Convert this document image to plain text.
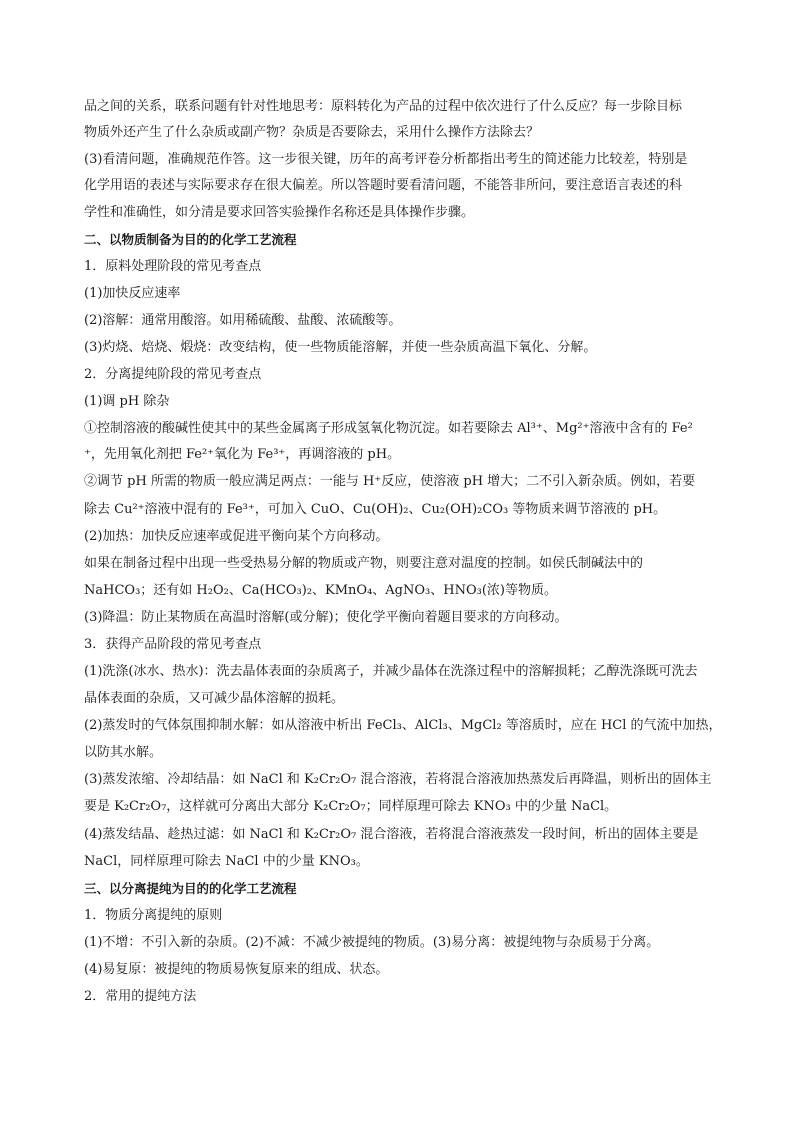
品之间的关系，联系问题有针对性地思考：原料转化为产品的过程中依次进行了什么反应？每一步除目标
物质外还产生了什么杂质或副产物？杂质是否要除去，采用什么操作方法除去？
(3)看清问题，准确规范作答。这一步很关键，历年的高考评卷分析都指出考生的简述能力比较差，特别是
化学用语的表述与实际要求存在很大偏差。所以答题时要看清问题，不能答非所问，要注意语言表述的科
学性和准确性，如分清是要求回答实验操作名称还是具体操作步骤。
二、以物质制备为目的的化学工艺流程
1．原料处理阶段的常见考查点
(1)加快反应速率
(2)溶解：通常用酸溶。如用稀硫酸、盐酸、浓硫酸等。
(3)灼烧、焙烧、煅烧：改变结构，使一些物质能溶解，并使一些杂质高温下氧化、分解。
2．分离提纯阶段的常见考查点
(1)调 pH 除杂
①控制溶液的酸碱性使其中的某些金属离子形成氢氧化物沉淀。如若要除去 Al³⁺、Mg²⁺溶液中含有的 Fe²
⁺，先用氧化剂把 Fe²⁺氧化为 Fe³⁺，再调溶液的 pH。
②调节 pH 所需的物质一般应满足两点：一能与 H⁺反应，使溶液 pH 增大；二不引入新杂质。例如，若要
除去 Cu²⁺溶液中混有的 Fe³⁺，可加入 CuO、Cu(OH)₂、Cu₂(OH)₂CO₃ 等物质来调节溶液的 pH。
(2)加热：加快反应速率或促进平衡向某个方向移动。
如果在制备过程中出现一些受热易分解的物质或产物，则要注意对温度的控制。如侯氏制碱法中的
NaHCO₃；还有如 H₂O₂、Ca(HCO₃)₂、KMnO₄、AgNO₃、HNO₃(浓)等物质。
(3)降温：防止某物质在高温时溶解(或分解)；使化学平衡向着题目要求的方向移动。
3．获得产品阶段的常见考查点
(1)洗涤(冰水、热水)：洗去晶体表面的杂质离子，并减少晶体在洗涤过程中的溶解损耗；乙醇洗涤既可洗去
晶体表面的杂质，又可减少晶体溶解的损耗。
(2)蒸发时的气体氛围抑制水解：如从溶液中析出 FeCl₃、AlCl₃、MgCl₂ 等溶质时，应在 HCl 的气流中加热，
以防其水解。
(3)蒸发浓缩、冷却结晶：如 NaCl 和 K₂Cr₂O₇ 混合溶液，若将混合溶液加热蒸发后再降温，则析出的固体主
要是 K₂Cr₂O₇，这样就可分离出大部分 K₂Cr₂O₇；同样原理可除去 KNO₃ 中的少量 NaCl。
(4)蒸发结晶、趁热过滤：如 NaCl 和 K₂Cr₂O₇ 混合溶液，若将混合溶液蒸发一段时间，析出的固体主要是
NaCl，同样原理可除去 NaCl 中的少量 KNO₃。
三、以分离提纯为目的的化学工艺流程
1．物质分离提纯的原则
(1)不增：不引入新的杂质。(2)不减：不减少被提纯的物质。(3)易分离：被提纯物与杂质易于分离。
(4)易复原：被提纯的物质易恢复原来的组成、状态。
2．常用的提纯方法
